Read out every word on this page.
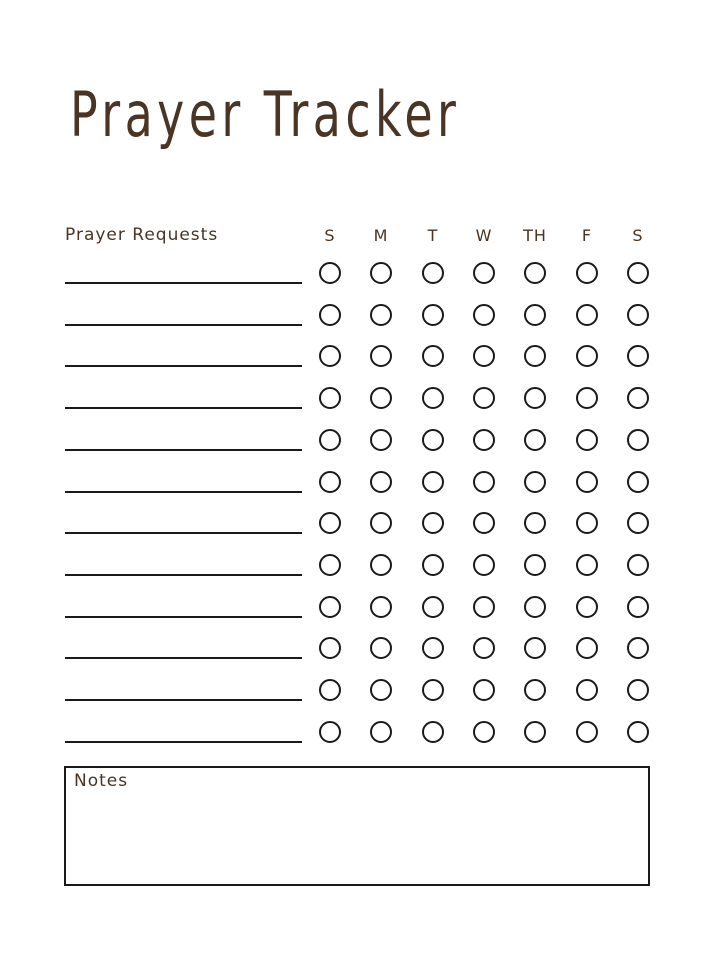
Prayer Tracker
Prayer Requests	S	M	T	W	TH	F	S
Notes
